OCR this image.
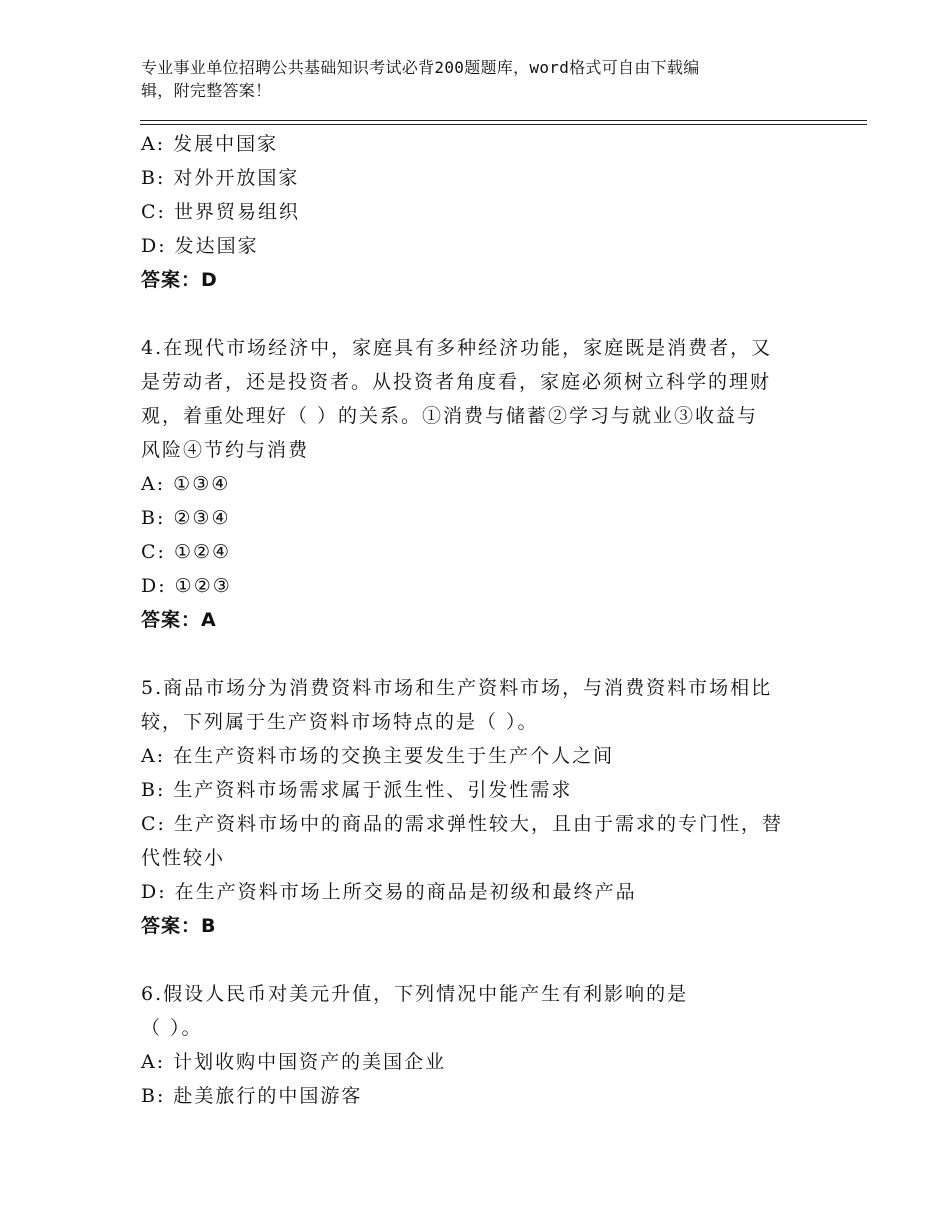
专业事业单位招聘公共基础知识考试必背200题题库，word格式可自由下载编
辑，附完整答案！
A: 发展中国家
B: 对外开放国家
C: 世界贸易组织
D: 发达国家
答案：D
4.在现代市场经济中，家庭具有多种经济功能，家庭既是消费者，又
是劳动者，还是投资者。从投资者角度看，家庭必须树立科学的理财
观，着重处理好（ ）的关系。①消费与储蓄②学习与就业③收益与
风险④节约与消费
A: ①③④
B: ②③④
C: ①②④
D: ①②③
答案：A
5.商品市场分为消费资料市场和生产资料市场，与消费资料市场相比
较，下列属于生产资料市场特点的是（ ）。
A: 在生产资料市场的交换主要发生于生产个人之间
B: 生产资料市场需求属于派生性、引发性需求
C: 生产资料市场中的商品的需求弹性较大，且由于需求的专门性，替
代性较小
D: 在生产资料市场上所交易的商品是初级和最终产品
答案：B
6.假设人民币对美元升值，下列情况中能产生有利影响的是
（ ）。
A: 计划收购中国资产的美国企业
B: 赴美旅行的中国游客
